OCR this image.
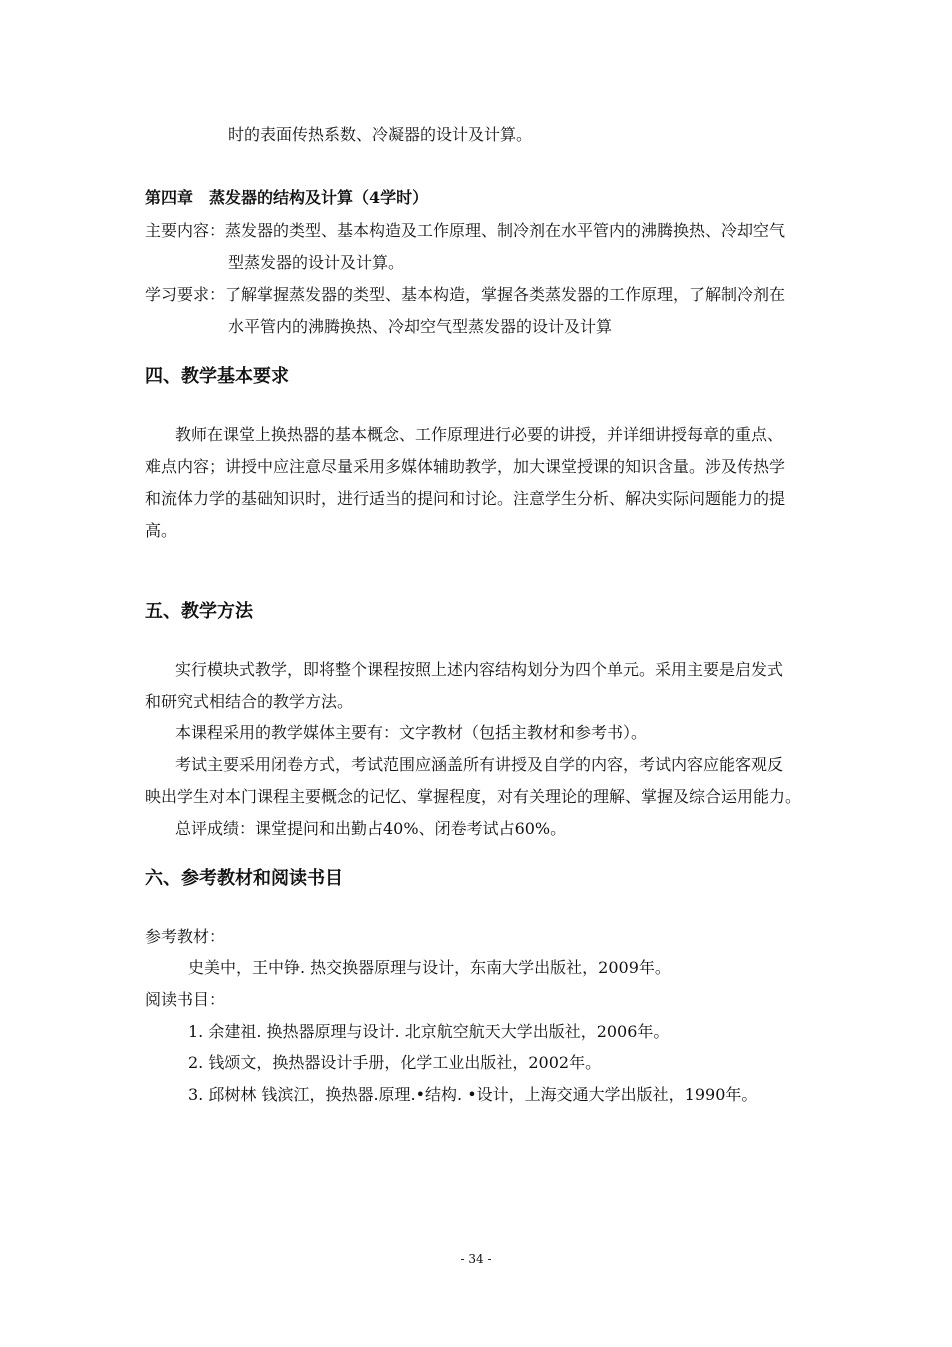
时的表面传热系数、冷凝器的设计及计算。
第四章　蒸发器的结构及计算（4学时）
主要内容：蒸发器的类型、基本构造及工作原理、制冷剂在水平管内的沸腾换热、冷却空气
型蒸发器的设计及计算。
学习要求：了解掌握蒸发器的类型、基本构造，掌握各类蒸发器的工作原理，了解制冷剂在
水平管内的沸腾换热、冷却空气型蒸发器的设计及计算
四、教学基本要求
教师在课堂上换热器的基本概念、工作原理进行必要的讲授，并详细讲授每章的重点、
难点内容；讲授中应注意尽量采用多媒体辅助教学，加大课堂授课的知识含量。涉及传热学
和流体力学的基础知识时，进行适当的提问和讨论。注意学生分析、解决实际问题能力的提
高。
五、教学方法
实行模块式教学，即将整个课程按照上述内容结构划分为四个单元。采用主要是启发式
和研究式相结合的教学方法。
本课程采用的教学媒体主要有：文字教材（包括主教材和参考书）。
考试主要采用闭卷方式，考试范围应涵盖所有讲授及自学的内容，考试内容应能客观反
映出学生对本门课程主要概念的记忆、掌握程度，对有关理论的理解、掌握及综合运用能力。
总评成绩：课堂提问和出勤占40%、闭卷考试占60%。
六、参考教材和阅读书目
参考教材：
史美中，王中铮. 热交换器原理与设计，东南大学出版社，2009年。
阅读书目：
1. 余建祖. 换热器原理与设计. 北京航空航天大学出版社，2006年。
2. 钱颂文，换热器设计手册，化学工业出版社，2002年。
3. 邱树林 钱滨江，换热器.原理.•结构. •设计，上海交通大学出版社，1990年。
- 34 -
